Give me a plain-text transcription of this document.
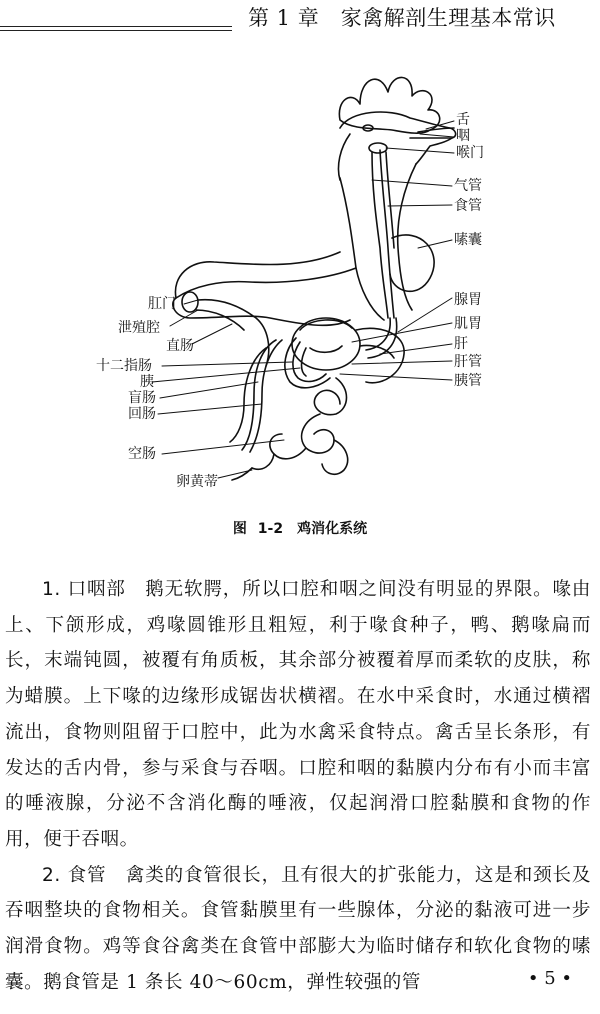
第 1 章　家禽解剖生理基本常识
舌
咽
喉门
气管
食管
嗉囊
腺胃
肌胃
肝
肝管
胰管
肛门
泄殖腔
直肠
十二指肠
胰
盲肠
回肠
空肠
卵黄蒂
图 1-2　鸡消化系统

1. 口咽部　鹅无软腭，所以口腔和咽之间没有明显的界限。喙由上、下颌形成，鸡喙圆锥形且粗短，利于喙食种子，鸭、鹅喙扁而长，末端钝圆，被覆有角质板，其余部分被覆着厚而柔软的皮肤，称为蜡膜。上下喙的边缘形成锯齿状横褶。在水中采食时，水通过横褶流出，食物则阻留于口腔中，此为水禽采食特点。禽舌呈长条形，有发达的舌内骨，参与采食与吞咽。口腔和咽的黏膜内分布有小而丰富的唾液腺，分泌不含消化酶的唾液，仅起润滑口腔黏膜和食物的作用，便于吞咽。

2. 食管　禽类的食管很长，且有很大的扩张能力，这是和颈长及吞咽整块的食物相关。食管黏膜里有一些腺体，分泌的黏液可进一步润滑食物。鸡等食谷禽类在食管中部膨大为临时储存和软化食物的嗉囊。鹅食管是 1 条长 40～60cm，弹性较强的管	• 5 •
